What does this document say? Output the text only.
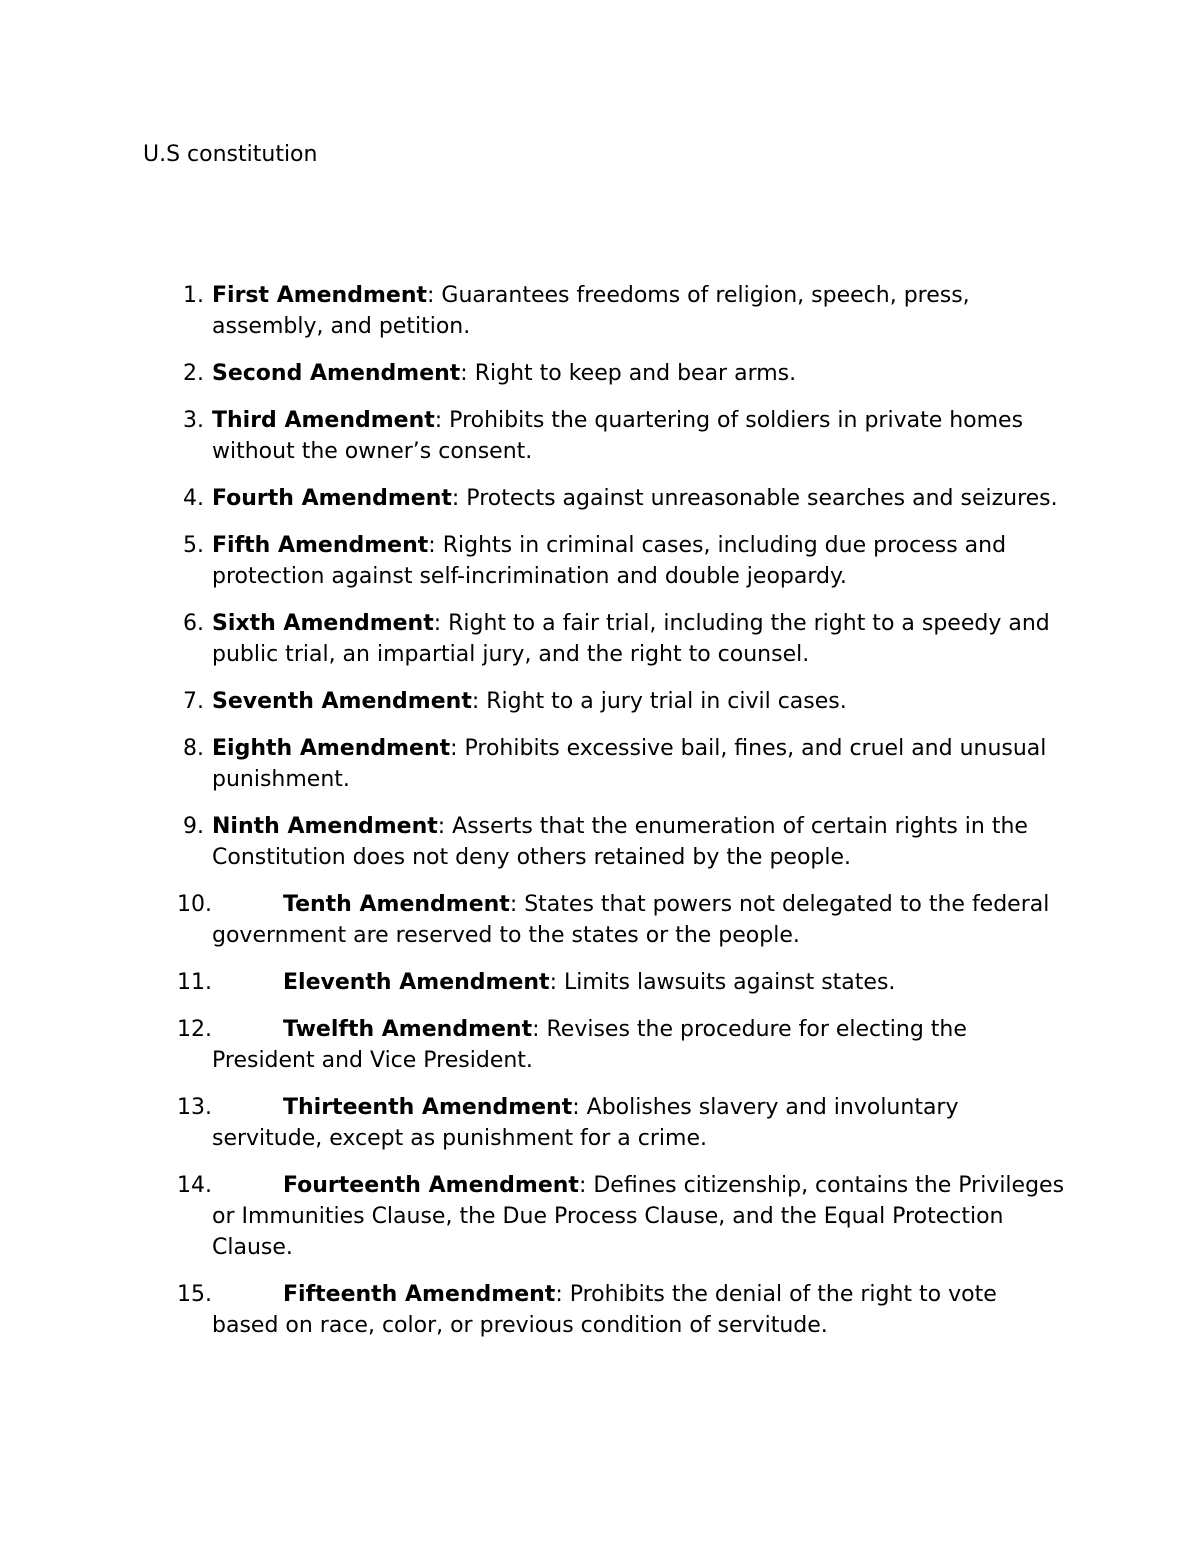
U.S constitution
1. First Amendment: Guarantees freedoms of religion, speech, press, assembly, and petition.
2. Second Amendment: Right to keep and bear arms.
3. Third Amendment: Prohibits the quartering of soldiers in private homes without the owner’s consent.
4. Fourth Amendment: Protects against unreasonable searches and seizures.
5. Fifth Amendment: Rights in criminal cases, including due process and protection against self-incrimination and double jeopardy.
6. Sixth Amendment: Right to a fair trial, including the right to a speedy and public trial, an impartial jury, and the right to counsel.
7. Seventh Amendment: Right to a jury trial in civil cases.
8. Eighth Amendment: Prohibits excessive bail, fines, and cruel and unusual punishment.
9. Ninth Amendment: Asserts that the enumeration of certain rights in the Constitution does not deny others retained by the people.
10.	Tenth Amendment: States that powers not delegated to the federal government are reserved to the states or the people.
11.	Eleventh Amendment: Limits lawsuits against states.
12.	Twelfth Amendment: Revises the procedure for electing the President and Vice President.
13.	Thirteenth Amendment: Abolishes slavery and involuntary servitude, except as punishment for a crime.
14.	Fourteenth Amendment: Defines citizenship, contains the Privileges or Immunities Clause, the Due Process Clause, and the Equal Protection Clause.
15.	Fifteenth Amendment: Prohibits the denial of the right to vote based on race, color, or previous condition of servitude.
